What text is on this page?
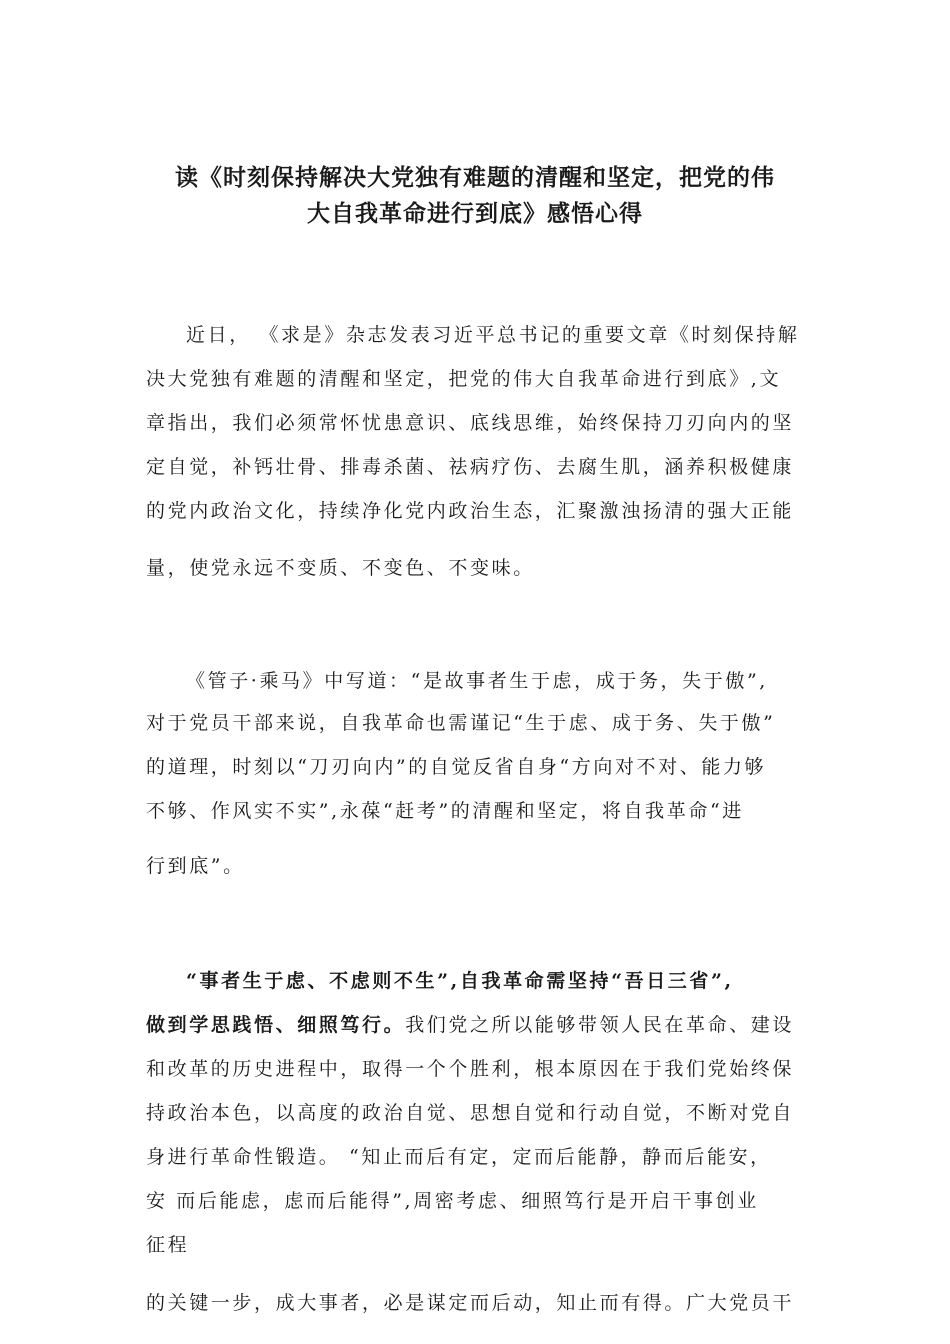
读《时刻保持解决大党独有难题的清醒和坚定，把党的伟
大自我革命进行到底》感悟心得
近日， 《求是》杂志发表习近平总书记的重要文章《时刻保持解
决大党独有难题的清醒和坚定，把党的伟大自我革命进行到底》,文
章指出，我们必须常怀忧患意识、底线思维，始终保持刀刃向内的坚
定自觉，补钙壮骨、排毒杀菌、祛病疗伤、去腐生肌，涵养积极健康
的党内政治文化，持续净化党内政治生态，汇聚激浊扬清的强大正能
量，使党永远不变质、不变色、不变味。
《管子·乘马》中写道：“是故事者生于虑，成于务，失于傲”,
对于党员干部来说，自我革命也需谨记“生于虑、成于务、失于傲”
的道理，时刻以“刀刃向内”的自觉反省自身“方向对不对、能力够
不够、作风实不实”,永葆“赶考”的清醒和坚定，将自我革命“进
行到底”。
“事者生于虑、不虑则不生”,自我革命需坚持“吾日三省”,
做到学思践悟、细照笃行。我们党之所以能够带领人民在革命、建设
和改革的历史进程中，取得一个个胜利，根本原因在于我们党始终保
持政治本色，以高度的政治自觉、思想自觉和行动自觉，不断对党自
身进行革命性锻造。 “知止而后有定，定而后能静，静而后能安，
安 而后能虑，虑而后能得”,周密考虑、细照笃行是开启干事创业
征程
的关键一步，成大事者，必是谋定而后动，知止而有得。广大党员干
